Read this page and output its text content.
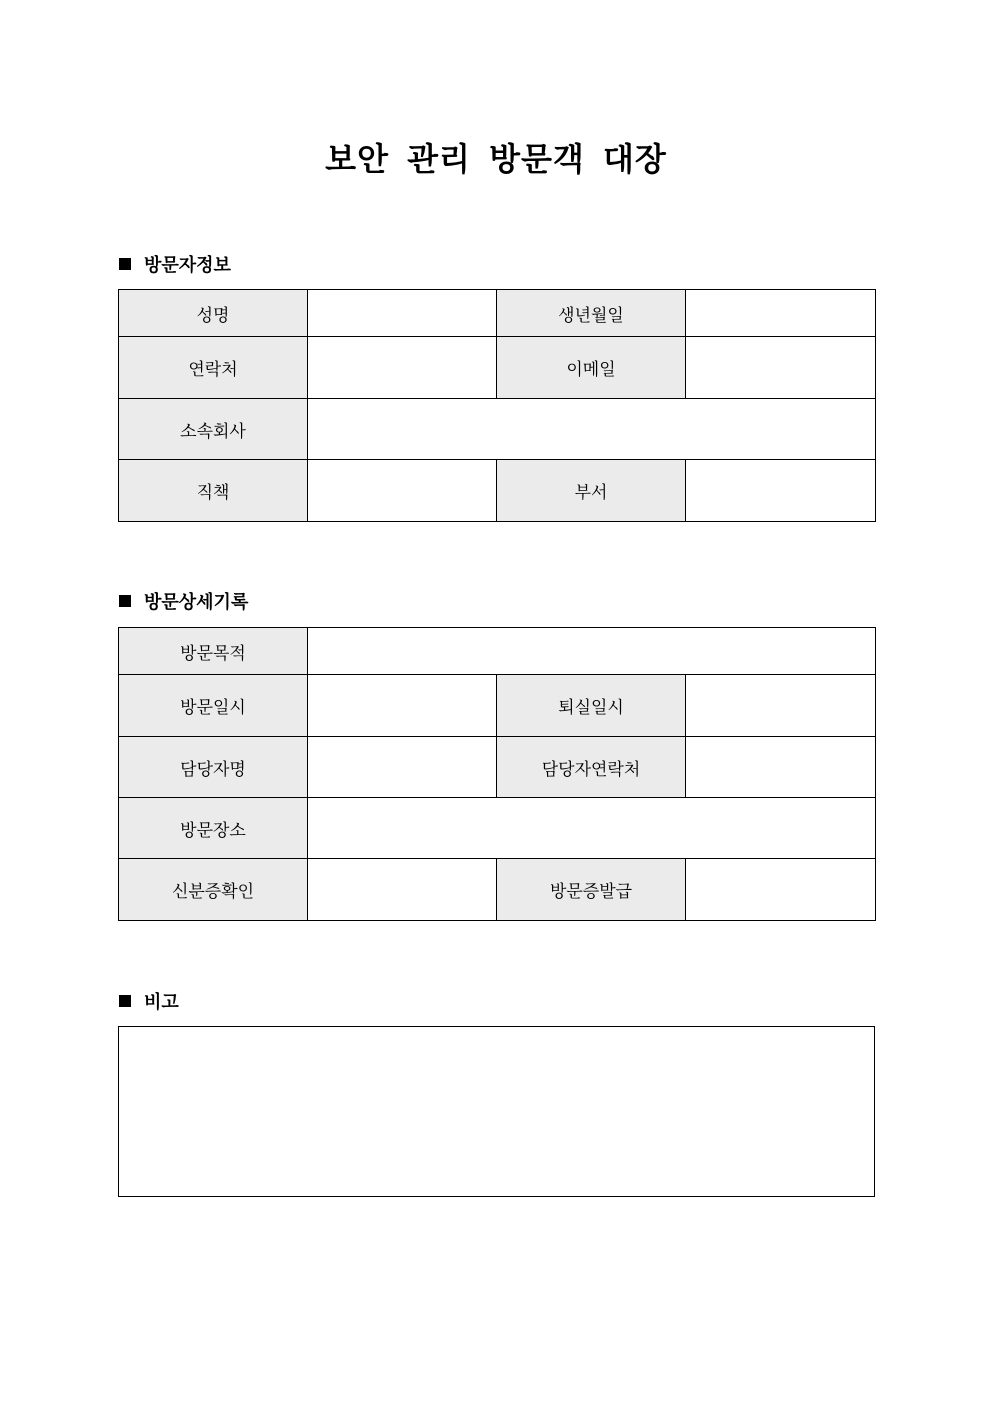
보안 관리 방문객 대장
방문자정보
성명		생년월일	
연락처		이메일	
소속회사			
직책		부서	
방문상세기록
방문목적			
방문일시		퇴실일시	
담당자명		담당자연락처	
방문장소			
신분증확인		방문증발급	
비고
